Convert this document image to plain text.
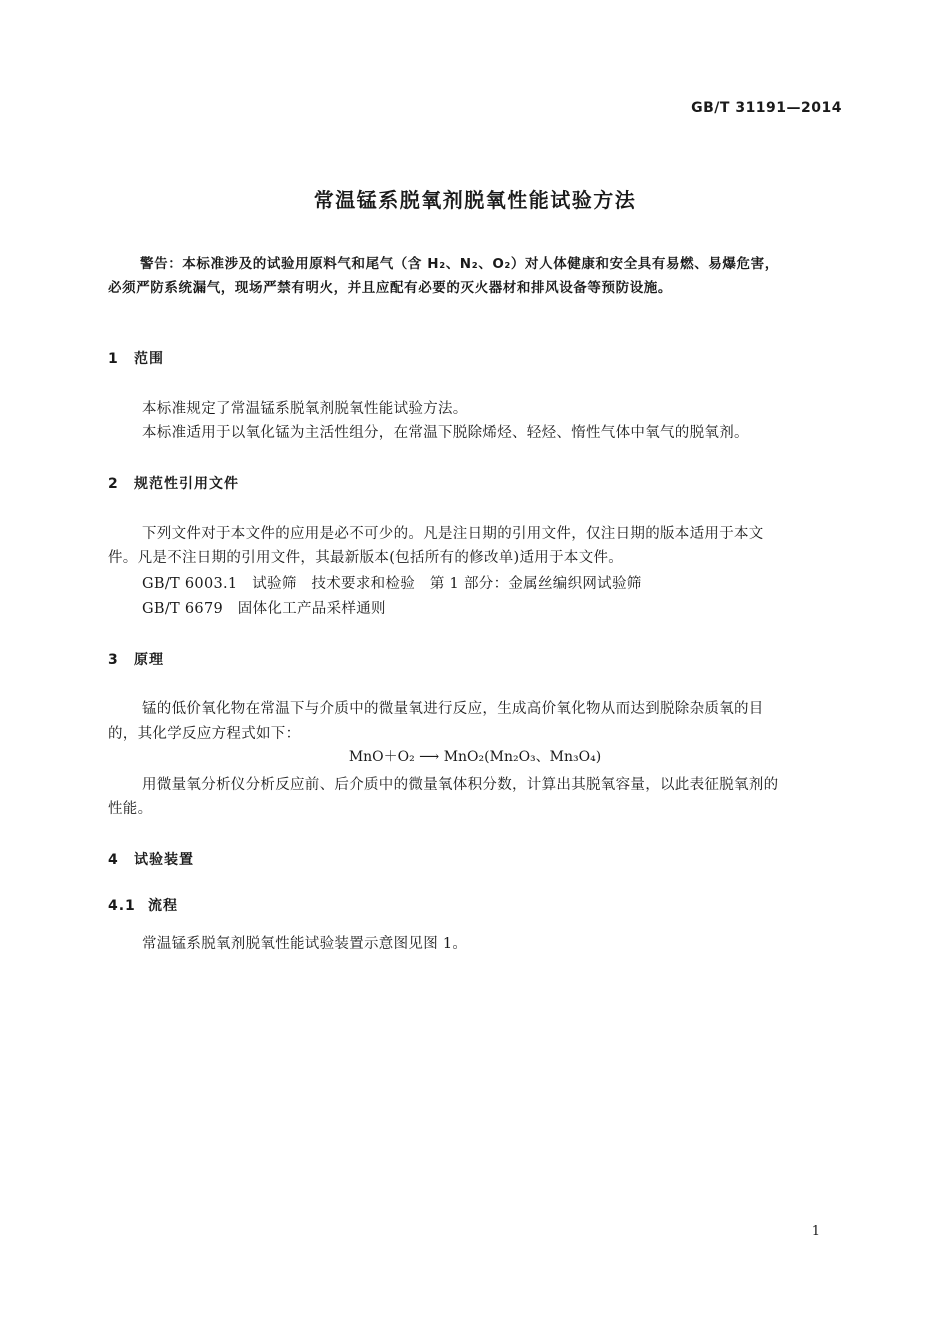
GB/T 31191—2014
常温锰系脱氧剂脱氧性能试验方法
警告：本标准涉及的试验用原料气和尾气（含 H₂、N₂、O₂）对人体健康和安全具有易燃、易爆危害，
必须严防系统漏气，现场严禁有明火，并且应配有必要的灭火器材和排风设备等预防设施。
1 范围
本标准规定了常温锰系脱氧剂脱氧性能试验方法。
本标准适用于以氧化锰为主活性组分，在常温下脱除烯烃、轻烃、惰性气体中氧气的脱氧剂。
2 规范性引用文件
下列文件对于本文件的应用是必不可少的。凡是注日期的引用文件，仅注日期的版本适用于本文
件。凡是不注日期的引用文件，其最新版本(包括所有的修改单)适用于本文件。
GB/T 6003.1　试验筛　技术要求和检验　第 1 部分：金属丝编织网试验筛
GB/T 6679　固体化工产品采样通则
3 原理
锰的低价氧化物在常温下与介质中的微量氧进行反应，生成高价氧化物从而达到脱除杂质氧的目
的，其化学反应方程式如下：
MnO＋O₂ ⟶ MnO₂(Mn₂O₃、Mn₃O₄)
用微量氧分析仪分析反应前、后介质中的微量氧体积分数，计算出其脱氧容量，以此表征脱氧剂的
性能。
4 试验装置
4.1 流程
常温锰系脱氧剂脱氧性能试验装置示意图见图 1。
1
